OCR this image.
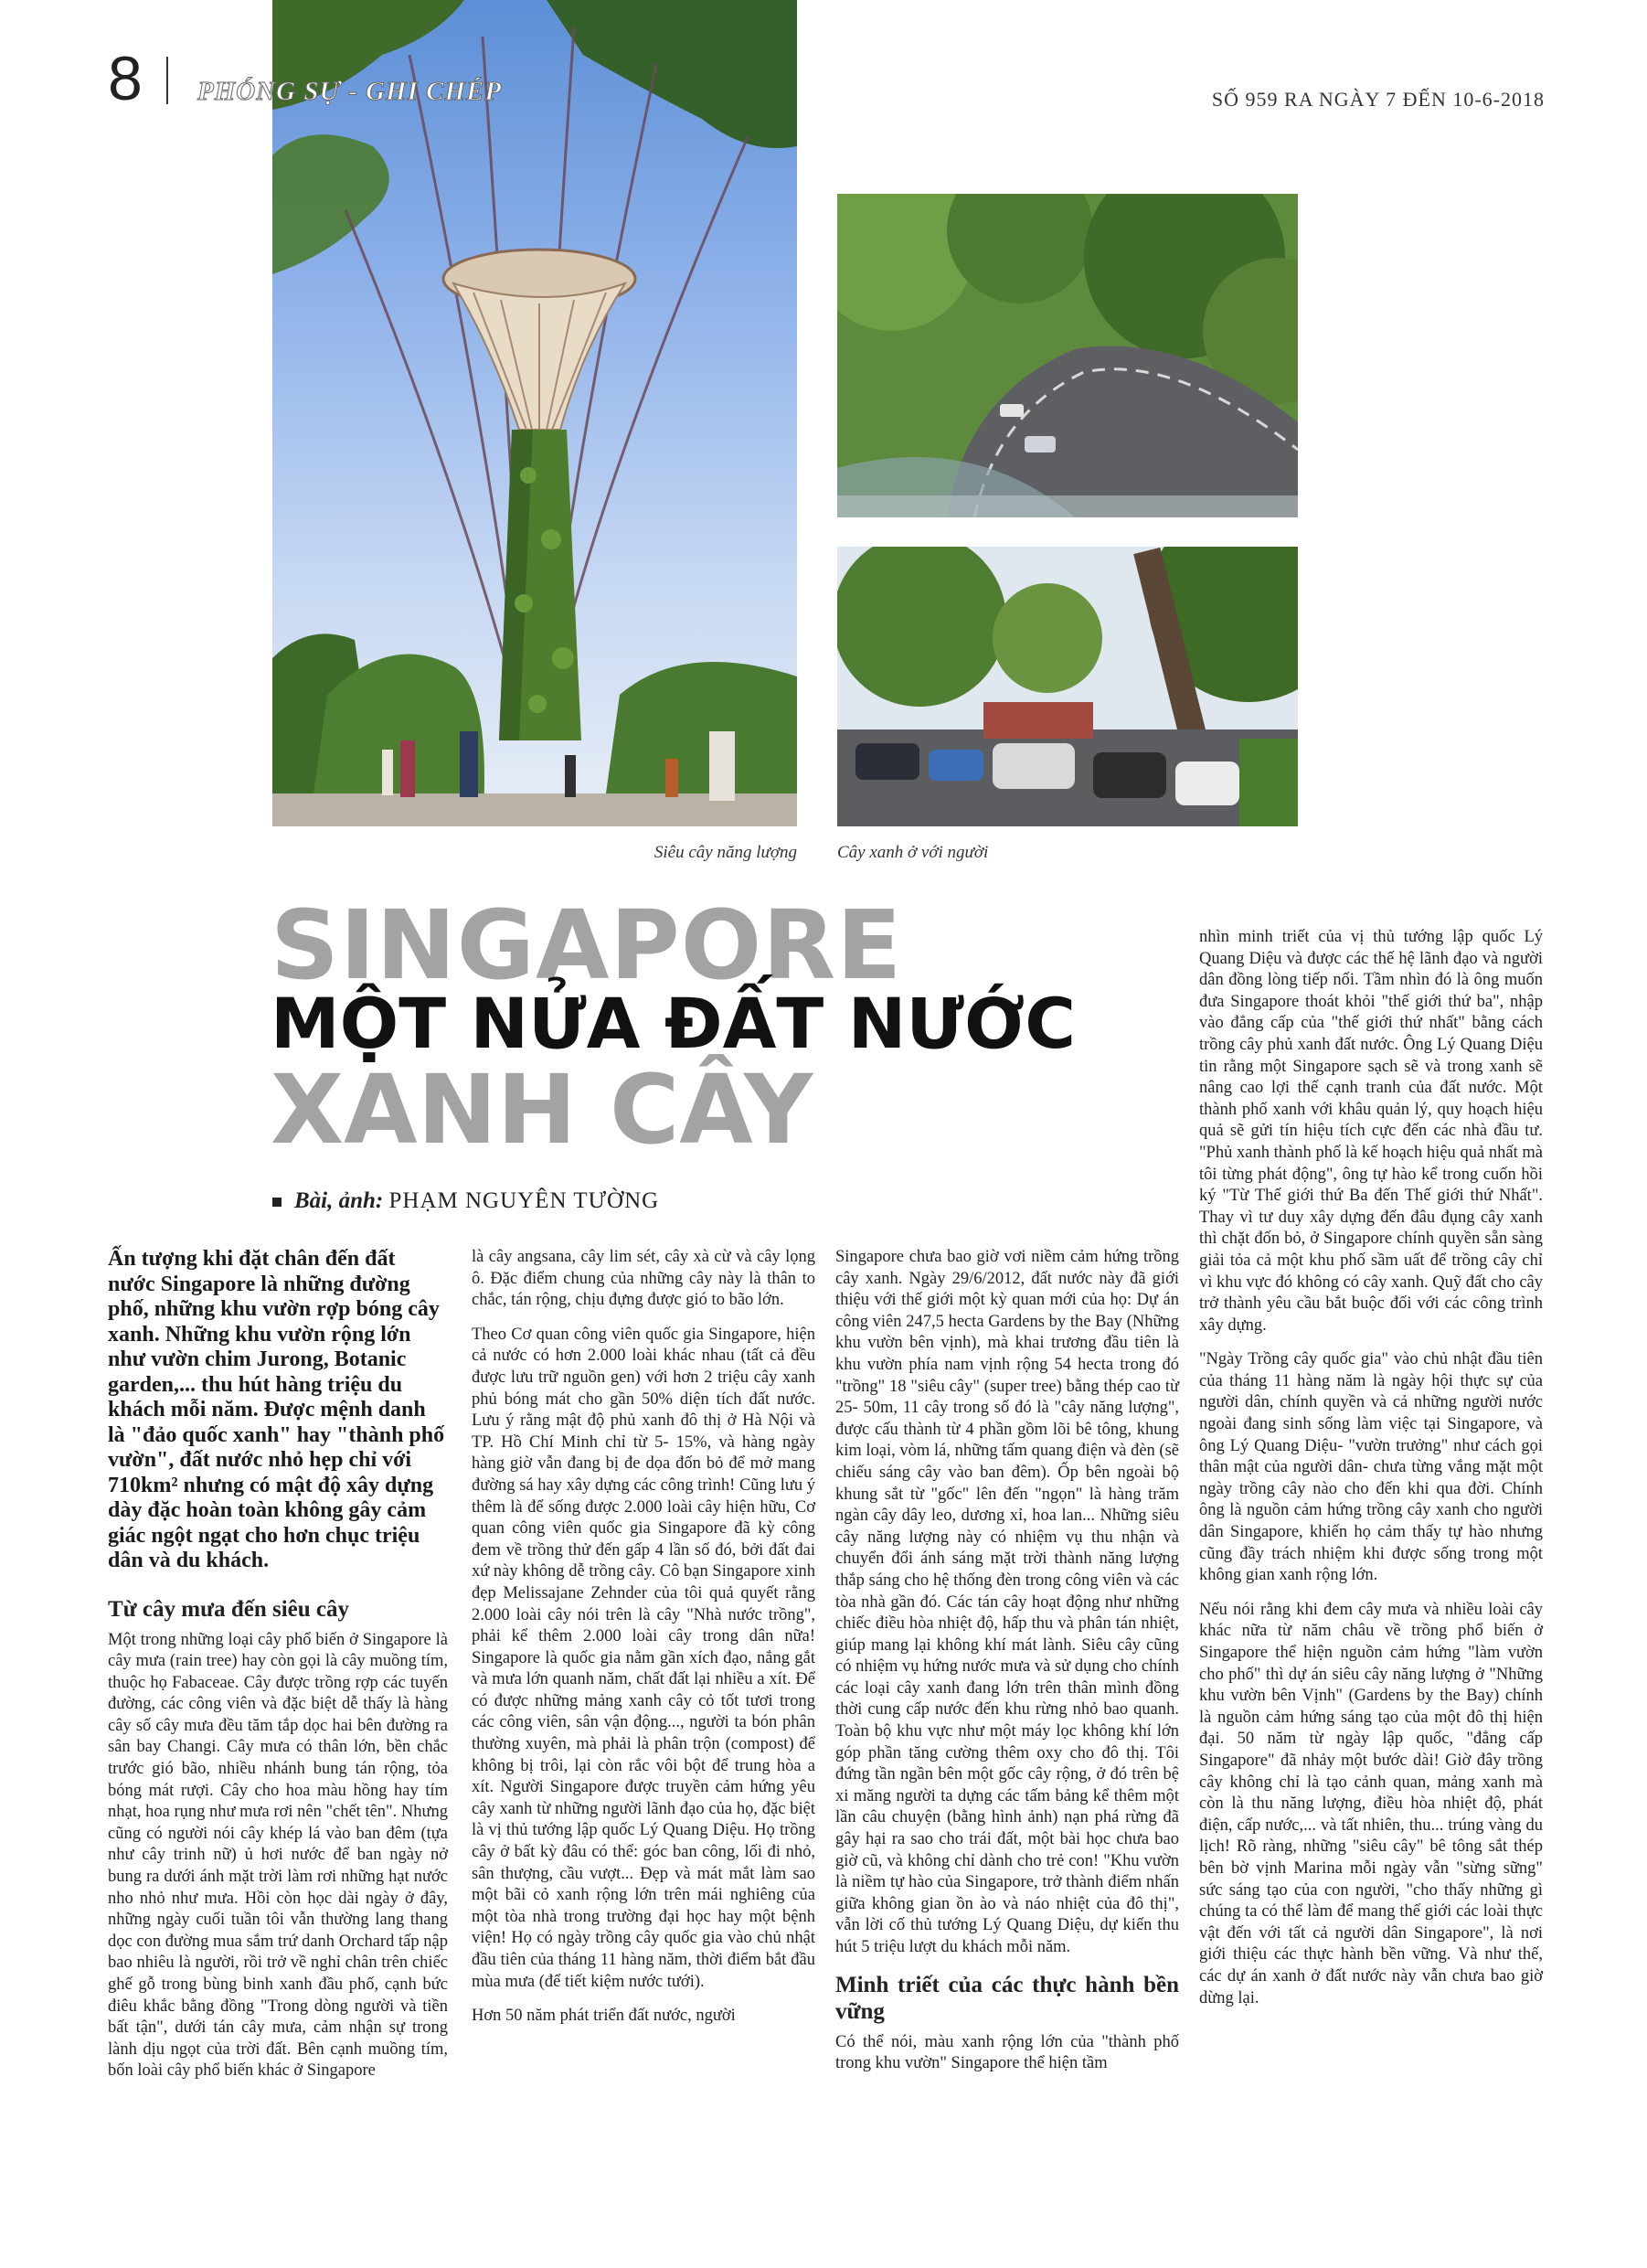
8 PHÓNG SỰ - GHI CHÉP	SỐ 959 RA NGÀY 7 ĐẾN 10-6-2018
Siêu cây năng lượng Cây xanh ở với người
SINGAPORE
MỘT NỬA ĐẤT NƯỚC
XANH CÂY
Bài, ảnh: PHẠM NGUYÊN TƯỜNG

Ấn tượng khi đặt chân đến đất nước Singapore là những đường phố, những khu vườn rợp bóng cây xanh. Những khu vườn rộng lớn như vườn chim Jurong, Botanic garden,... thu hút hàng triệu du khách mỗi năm. Được mệnh danh là "đảo quốc xanh" hay "thành phố vườn", đất nước nhỏ hẹp chỉ với 710km² nhưng có mật độ xây dựng dày đặc hoàn toàn không gây cảm giác ngột ngạt cho hơn chục triệu dân và du khách.

Từ cây mưa đến siêu cây

Một trong những loại cây phổ biến ở Singapore là cây mưa (rain tree) hay còn gọi là cây muồng tím, thuộc họ Fabaceae. Cây được trồng rợp các tuyến đường, các công viên và đặc biệt dễ thấy là hàng cây số cây mưa đều tăm tắp dọc hai bên đường ra sân bay Changi. Cây mưa có thân lớn, bền chắc trước gió bão, nhiều nhánh bung tán rộng, tỏa bóng mát rượi. Cây cho hoa màu hồng hay tím nhạt, hoa rụng như mưa rơi nên "chết tên". Nhưng cũng có người nói cây khép lá vào ban đêm (tựa như cây trinh nữ) ủ hơi nước để ban ngày nở bung ra dưới ánh mặt trời làm rơi những hạt nước nho nhỏ như mưa. Hồi còn học dài ngày ở đây, những ngày cuối tuần tôi vẫn thường lang thang dọc con đường mua sắm trứ danh Orchard tấp nập bao nhiêu là người, rồi trở về nghỉ chân trên chiếc ghế gỗ trong bùng binh xanh đầu phố, cạnh bức điêu khắc bằng đồng "Trong dòng người và tiền bất tận", dưới tán cây mưa, cảm nhận sự trong lành dịu ngọt của trời đất. Bên cạnh muồng tím, bốn loài cây phổ biến khác ở Singapore

là cây angsana, cây lim sét, cây xà cừ và cây lọng ô. Đặc điểm chung của những cây này là thân to chắc, tán rộng, chịu đựng được gió to bão lớn.

Theo Cơ quan công viên quốc gia Singapore, hiện cả nước có hơn 2.000 loài khác nhau (tất cả đều được lưu trữ nguồn gen) với hơn 2 triệu cây xanh phủ bóng mát cho gần 50% diện tích đất nước. Lưu ý rằng mật độ phủ xanh đô thị ở Hà Nội và TP. Hồ Chí Minh chỉ từ 5- 15%, và hàng ngày hàng giờ vẫn đang bị đe dọa đốn bỏ để mở mang đường sá hay xây dựng các công trình! Cũng lưu ý thêm là để sống được 2.000 loài cây hiện hữu, Cơ quan công viên quốc gia Singapore đã kỳ công đem về trồng thử đến gấp 4 lần số đó, bởi đất đai xứ này không dễ trồng cây. Cô bạn Singapore xinh đẹp Melissajane Zehnder của tôi quả quyết rằng 2.000 loài cây nói trên là cây "Nhà nước trồng", phải kể thêm 2.000 loài cây trong dân nữa! Singapore là quốc gia nằm gần xích đạo, nắng gắt và mưa lớn quanh năm, chất đất lại nhiều a xít. Để có được những mảng xanh cây cỏ tốt tươi trong các công viên, sân vận động..., người ta bón phân thường xuyên, mà phải là phân trộn (compost) để không bị trôi, lại còn rắc vôi bột để trung hòa a xít. Người Singapore được truyền cảm hứng yêu cây xanh từ những người lãnh đạo của họ, đặc biệt là vị thủ tướng lập quốc Lý Quang Diệu. Họ trồng cây ở bất kỳ đâu có thể: góc ban công, lối đi nhỏ, sân thượng, cầu vượt... Đẹp và mát mắt làm sao một bãi cỏ xanh rộng lớn trên mái nghiêng của một tòa nhà trong trường đại học hay một bệnh viện! Họ có ngày trồng cây quốc gia vào chủ nhật đầu tiên của tháng 11 hàng năm, thời điểm bắt đầu mùa mưa (để tiết kiệm nước tưới).

Hơn 50 năm phát triển đất nước, người

Singapore chưa bao giờ vơi niềm cảm hứng trồng cây xanh. Ngày 29/6/2012, đất nước này đã giới thiệu với thế giới một kỳ quan mới của họ: Dự án công viên 247,5 hecta Gardens by the Bay (Những khu vườn bên vịnh), mà khai trương đầu tiên là khu vườn phía nam vịnh rộng 54 hecta trong đó "trồng" 18 "siêu cây" (super tree) bằng thép cao từ 25- 50m, 11 cây trong số đó là "cây năng lượng", được cấu thành từ 4 phần gồm lõi bê tông, khung kim loại, vòm lá, những tấm quang điện và đèn (sẽ chiếu sáng cây vào ban đêm). Ốp bên ngoài bộ khung sắt từ "gốc" lên đến "ngọn" là hàng trăm ngàn cây dây leo, dương xỉ, hoa lan... Những siêu cây năng lượng này có nhiệm vụ thu nhận và chuyển đổi ánh sáng mặt trời thành năng lượng thắp sáng cho hệ thống đèn trong công viên và các tòa nhà gần đó. Các tán cây hoạt động như những chiếc điều hòa nhiệt độ, hấp thu và phân tán nhiệt, giúp mang lại không khí mát lành. Siêu cây cũng có nhiệm vụ hứng nước mưa và sử dụng cho chính các loại cây xanh đang lớn trên thân mình đồng thời cung cấp nước đến khu rừng nhỏ bao quanh. Toàn bộ khu vực như một máy lọc không khí lớn góp phần tăng cường thêm oxy cho đô thị. Tôi đứng tần ngần bên một gốc cây rộng, ở đó trên bệ xi măng người ta dựng các tấm bảng kể thêm một lần câu chuyện (bằng hình ảnh) nạn phá rừng đã gây hại ra sao cho trái đất, một bài học chưa bao giờ cũ, và không chỉ dành cho trẻ con! "Khu vườn là niềm tự hào của Singapore, trở thành điểm nhấn giữa không gian ồn ào và náo nhiệt của đô thị", vẫn lời cố thủ tướng Lý Quang Diệu, dự kiến thu hút 5 triệu lượt du khách mỗi năm.

Minh triết của các thực hành bền vững

Có thể nói, màu xanh rộng lớn của "thành phố trong khu vườn" Singapore thể hiện tầm

nhìn minh triết của vị thủ tướng lập quốc Lý Quang Diệu và được các thế hệ lãnh đạo và người dân đồng lòng tiếp nối. Tầm nhìn đó là ông muốn đưa Singapore thoát khỏi "thế giới thứ ba", nhập vào đẳng cấp của "thế giới thứ nhất" bằng cách trồng cây phủ xanh đất nước. Ông Lý Quang Diệu tin rằng một Singapore sạch sẽ và trong xanh sẽ nâng cao lợi thế cạnh tranh của đất nước. Một thành phố xanh với khâu quản lý, quy hoạch hiệu quả sẽ gửi tín hiệu tích cực đến các nhà đầu tư. "Phủ xanh thành phố là kế hoạch hiệu quả nhất mà tôi từng phát động", ông tự hào kể trong cuốn hồi ký "Từ Thế giới thứ Ba đến Thế giới thứ Nhất". Thay vì tư duy xây dựng đến đâu đụng cây xanh thì chặt đốn bỏ, ở Singapore chính quyền sẵn sàng giải tỏa cả một khu phố sầm uất để trồng cây chỉ vì khu vực đó không có cây xanh. Quỹ đất cho cây trở thành yêu cầu bắt buộc đối với các công trình xây dựng.

"Ngày Trồng cây quốc gia" vào chủ nhật đầu tiên của tháng 11 hàng năm là ngày hội thực sự của người dân, chính quyền và cả những người nước ngoài đang sinh sống làm việc tại Singapore, và ông Lý Quang Diệu- "vườn trưởng" như cách gọi thân mật của người dân- chưa từng vắng mặt một ngày trồng cây nào cho đến khi qua đời. Chính ông là nguồn cảm hứng trồng cây xanh cho người dân Singapore, khiến họ cảm thấy tự hào nhưng cũng đầy trách nhiệm khi được sống trong một không gian xanh rộng lớn.

Nếu nói rằng khi đem cây mưa và nhiều loài cây khác nữa từ năm châu về trồng phổ biến ở Singapore thể hiện nguồn cảm hứng "làm vườn cho phố" thì dự án siêu cây năng lượng ở "Những khu vườn bên Vịnh" (Gardens by the Bay) chính là nguồn cảm hứng sáng tạo của một đô thị hiện đại. 50 năm từ ngày lập quốc, "đẳng cấp Singapore" đã nhảy một bước dài! Giờ đây trồng cây không chỉ là tạo cảnh quan, mảng xanh mà còn là thu năng lượng, điều hòa nhiệt độ, phát điện, cấp nước,... và tất nhiên, thu... trúng vàng du lịch! Rõ ràng, những "siêu cây" bê tông sắt thép bên bờ vịnh Marina mỗi ngày vẫn "sừng sững" sức sáng tạo của con người, "cho thấy những gì chúng ta có thể làm để mang thế giới các loài thực vật đến với tất cả người dân Singapore", là nơi giới thiệu các thực hành bền vững. Và như thế, các dự án xanh ở đất nước này vẫn chưa bao giờ dừng lại.
